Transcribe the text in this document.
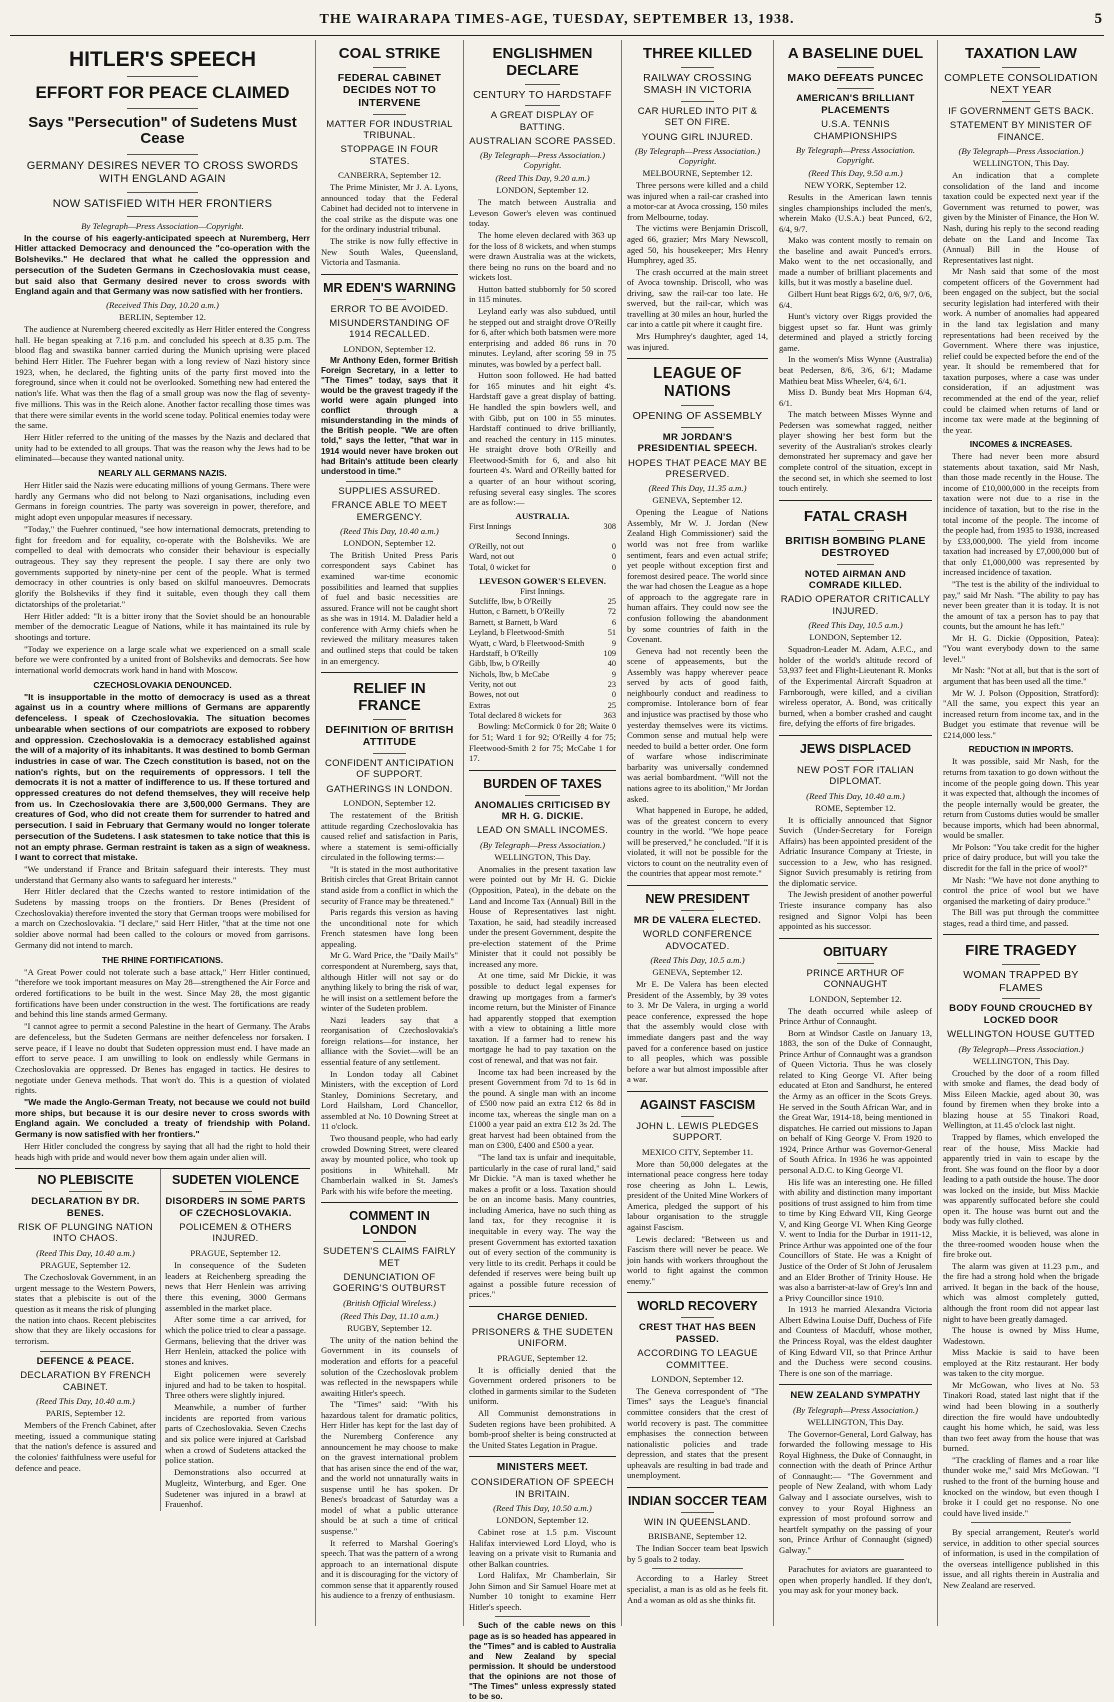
THE WAIRARAPA TIMES-AGE, TUESDAY, SEPTEMBER 13, 1938.	5
HITLER'S SPEECH
EFFORT FOR PEACE CLAIMED
Says "Persecution" of Sudetens Must Cease
GERMANY DESIRES NEVER TO CROSS SWORDS WITH ENGLAND AGAIN
NOW SATISFIED WITH HER FRONTIERS
By Telegraph—Press Association—Copyright.

In the course of his eagerly-anticipated speech at Nuremberg, Herr Hitler attacked Democracy and denounced the "co-operation with the Bolsheviks." He declared that what he called the oppression and persecution of the Sudeten Germans in Czechoslovakia must cease, but said also that Germany desired never to cross swords with England again and that Germany was now satisfied with her frontiers.

(Received This Day, 10.20 a.m.)
BERLIN, September 12.

The audience at Nuremberg cheered excitedly as Herr Hitler entered the Congress hall. He began speaking at 7.16 p.m. and concluded his speech at 8.35 p.m. The blood flag and swastika banner carried during the Munich uprising were placed behind Herr Hitler. The Fuehrer began with a long review of Nazi history since 1923, when, he declared, the fighting units of the party first moved into the foreground, since when it could not be overlooked. Something new had entered the nation's life. What was then the flag of a small group was now the flag of seventy-five millions. This was in the Reich alone. Another factor recalling those times was that there were similar events in the world scene today. Political enemies today were the same.

Herr Hitler referred to the uniting of the masses by the Nazis and declared that unity had to be extended to all groups. That was the reason why the Jews had to be eliminated—because they wanted national unity.

NEARLY ALL GERMANS NAZIS.

Herr Hitler said the Nazis were educating millions of young Germans. There were hardly any Germans who did not belong to Nazi organisations, including even Germans in foreign countries. The party was sovereign in power, therefore, and might adopt even unpopular measures if necessary.

"Today," the Fuehrer continued, "see how international democrats, pretending to fight for freedom and for equality, co-operate with the Bolsheviks. We are compelled to deal with democrats who consider their behaviour is especially outrageous. They say they represent the people. I say there are only two governments supported by ninety-nine per cent of the people. What is termed democracy in other countries is only based on skilful manoeuvres. Democrats glorify the Bolsheviks if they find it suitable, even though they call them dictatorships of the proletariat."

Herr Hitler added: "It is a bitter irony that the Soviet should be an honourable member of the democratic League of Nations, while it has maintained its rule by shootings and torture.

"Today we experience on a large scale what we experienced on a small scale before we were confronted by a united front of Bolsheviks and democrats. See how international world democrats work hand in hand with Moscow.

CZECHOSLOVAKIA DENOUNCED.

"It is insupportable in the motto of democracy is used as a threat against us in a country where millions of Germans are apparently defenceless. I speak of Czechoslovakia. The situation becomes unbearable when sections of our compatriots are exposed to robbery and oppression. Czechoslovakia is a democracy established against the will of a majority of its inhabitants. It was destined to bomb German industries in case of war. The Czech constitution is based, not on the nation's rights, but on the requirements of oppressors. I tell the democrats it is not a matter of indifference to us. If these tortured and oppressed creatures do not defend themselves, they will receive help from us. In Czechoslovakia there are 3,500,000 Germans. They are creatures of God, who did not create them for surrender to hatred and persecution. I said in February that Germany would no longer tolerate persecution of the Sudetens. I ask statesmen to take notice that this is not an empty phrase. German restraint is taken as a sign of weakness. I want to correct that mistake.

"We understand if France and Britain safeguard their interests. They must understand that Germany also wants to safeguard her interests."

Herr Hitler declared that the Czechs wanted to restore intimidation of the Sudetens by massing troops on the frontiers. Dr Benes (President of Czechoslovakia) therefore invented the story that German troops were mobilised for a march on Czechoslovakia. "I declare," said Herr Hitler, "that at the time not one soldier above normal had been called to the colours or moved from garrisons. Germany did not intend to march.

THE RHINE FORTIFICATIONS.

"A Great Power could not tolerate such a base attack," Herr Hitler continued, "therefore we took important measures on May 28—strengthened the Air Force and ordered fortifications to be built in the west. Since May 28, the most gigantic fortifications have been under construction in the west. The fortifications are ready and behind this line stands armed Germany.

"I cannot agree to permit a second Palestine in the heart of Germany. The Arabs are defenceless, but the Sudeten Germans are neither defenceless nor forsaken. I serve peace, if I leave no doubt that Sudeten oppression must end. I have made an effort to serve peace. I am unwilling to look on endlessly while Germans in Czechoslovakia are oppressed. Dr Benes has engaged in tactics. He desires to negotiate under Geneva methods. That won't do. This is a question of violated rights.

"We made the Anglo-German Treaty, not because we could not build more ships, but because it is our desire never to cross swords with England again. We concluded a treaty of friendship with Poland. Germany is now satisfied with her frontiers."

Herr Hitler concluded the congress by saying that all had the right to hold their heads high with pride and would never bow them again under alien will.

NO PLEBISCITE
DECLARATION BY DR. BENES.
RISK OF PLUNGING NATION INTO CHAOS.
(Reed This Day, 10.40 a.m.)
PRAGUE, September 12.

The Czechoslovak Government, in an urgent message to the Western Powers, states that a plebiscite is out of the question as it means the risk of plunging the nation into chaos. Recent plebiscites show that they are likely occasions for terrorism.

DEFENCE & PEACE.
DECLARATION BY FRENCH CABINET.
(Reed This Day, 10.40 a.m.)
PARIS, September 12.

Members of the French Cabinet, after meeting, issued a communique stating that the nation's defence is assured and the colonies' faithfulness were useful for defence and peace.

SUDETEN VIOLENCE
DISORDERS IN SOME PARTS OF CZECHOSLOVAKIA.
POLICEMEN & OTHERS INJURED.
PRAGUE, September 12.

In consequence of the Sudeten leaders at Reichenberg spreading the news that Herr Henlein was arriving there this evening, 3000 Germans assembled in the market place.

After some time a car arrived, for which the police tried to clear a passage. Germans, believing that the driver was Herr Henlein, attacked the police with stones and knives.

Eight policemen were severely injured and had to be taken to hospital. Three others were slightly injured.

Meanwhile, a number of further incidents are reported from various parts of Czechoslovakia. Seven Czechs and six police were injured at Carlsbad when a crowd of Sudetens attacked the police station.

Demonstrations also occurred at Mugleitz, Winterburg, and Eger. One Sudetener was injured in a brawl at Frauenhof.

COAL STRIKE
FEDERAL CABINET DECIDES NOT TO INTERVENE
MATTER FOR INDUSTRIAL TRIBUNAL.
STOPPAGE IN FOUR STATES.
CANBERRA, September 12.

The Prime Minister, Mr J. A. Lyons, announced today that the Federal Cabinet had decided not to intervene in the coal strike as the dispute was one for the ordinary industrial tribunal.

The strike is now fully effective in New South Wales, Queensland, Victoria and Tasmania.

MR EDEN'S WARNING
ERROR TO BE AVOIDED.
MISUNDERSTANDING OF 1914 RECALLED.
LONDON, September 12.

Mr Anthony Eden, former British Foreign Secretary, in a letter to "The Times" today, says that it would be the gravest tragedy if the world were again plunged into conflict through a misunderstanding in the minds of the British people. "We are often told," says the letter, "that war in 1914 would never have broken out had Britain's attitude been clearly understood in time."

SUPPLIES ASSURED.
FRANCE ABLE TO MEET EMERGENCY.
(Reed This Day, 10.40 a.m.)
LONDON, September 12.

The British United Press Paris correspondent says Cabinet has examined war-time economic possibilities and learned that supplies of fuel and basic necessities are assured. France will not be caught short as she was in 1914. M. Daladier held a conference with Army chiefs when he reviewed the military measures taken and outlined steps that could be taken in an emergency.

RELIEF IN FRANCE
DEFINITION OF BRITISH ATTITUDE
CONFIDENT ANTICIPATION OF SUPPORT.
GATHERINGS IN LONDON.
LONDON, September 12.

The restatement of the British attitude regarding Czechoslovakia has caused relief and satisfaction in Paris, where a statement is semi-officially circulated in the following terms:—

"It is stated in the most authoritative British circles that Great Britain cannot stand aside from a conflict in which the security of France may be threatened."

Paris regards this version as having the unconditional note for which French statesmen have long been appealing.

Mr G. Ward Price, the "Daily Mail's" correspondent at Nuremberg, says that, although Hitler will not say or do anything likely to bring the risk of war, he will insist on a settlement before the winter of the Sudeten problem.

Nazi leaders say that a reorganisation of Czechoslovakia's foreign relations—for instance, her alliance with the Soviet—will be an essential feature of any settlement.

In London today all Cabinet Ministers, with the exception of Lord Stanley, Dominions Secretary, and Lord Hailsham, Lord Chancellor, assembled at No. 10 Downing Street at 11 o'clock.

Two thousand people, who had early crowded Downing Street, were cleared away by mounted police, who took up positions in Whitehall. Mr Chamberlain walked in St. James's Park with his wife before the meeting.

COMMENT IN LONDON
SUDETEN'S CLAIMS FAIRLY MET
DENUNCIATION OF GOERING'S OUTBURST
(British Official Wireless.)
(Reed This Day, 11.10 a.m.)
RUGBY, September 12.

The unity of the nation behind the Government in its counsels of moderation and efforts for a peaceful solution of the Czechoslovak problem was reflected in the newspapers while awaiting Hitler's speech.

The "Times" said: "With his hazardous talent for dramatic politics, Herr Hitler has kept for the last day of the Nuremberg Conference any announcement he may choose to make on the gravest international problem that has arisen since the end of the war, and the world not unnaturally waits in suspense until he has spoken. Dr Benes's broadcast of Saturday was a model of what a public utterance should be at such a time of critical suspense."

It referred to Marshal Goering's speech. That was the pattern of a wrong approach to an international dispute and it is discouraging for the victory of common sense that it apparently roused his audience to a frenzy of enthusiasm.

ENGLISHMEN DECLARE
CENTURY TO HARDSTAFF
A GREAT DISPLAY OF BATTING.
AUSTRALIAN SCORE PASSED.
(By Telegraph—Press Association.) Copyright.
(Reed This Day, 9.20 a.m.)
LONDON, September 12.

The match between Australia and Leveson Gower's eleven was continued today.

The home eleven declared with 363 up for the loss of 8 wickets, and when stumps were drawn Australia was at the wickets, there being no runs on the board and no wickets lost.

Hutton batted stubbornly for 50 scored in 115 minutes.

Leyland early was also subdued, until he stepped out and straight drove O'Reilly for 6, after which both batsmen were more enterprising and added 86 runs in 70 minutes. Leyland, after scoring 59 in 75 minutes, was bowled by a perfect ball.

Hutton soon followed. He had batted for 165 minutes and hit eight 4's. Hardstaff gave a great display of batting. He handled the spin bowlers well, and with Gibb, put on 100 in 55 minutes. Hardstaff continued to drive brilliantly, and reached the century in 115 minutes. He straight drove both O'Reilly and Fleetwood-Smith for 6, and also hit fourteen 4's. Ward and O'Reilly batted for a quarter of an hour without scoring, refusing several easy singles. The scores are as follow:—

AUSTRALIA.
First Innings	308
Second Innings.
O'Reilly, not out	0
Ward, not out	0
Total, 0 wicket for	0
LEVESON GOWER'S ELEVEN.
First Innings.
Sutcliffe, lbw, b O'Reilly	25
Hutton, c Barnett, b O'Reilly	72
Barnett, st Barnett, b Ward	6
Leyland, b Fleetwood-Smith	51
Wyatt, c Ward, b Fleetwood-Smith	9
Hardstaff, b O'Reilly	109
Gibb, lbw, b O'Reilly	40
Nichols, lbw, b McCabe	9
Verity, not out	23
Bowes, not out	0
Extras	25
Total declared 8 wickets for	363

Bowling: McCormick 0 for 28; Waite 0 for 51; Ward 1 for 92; O'Reilly 4 for 75; Fleetwood-Smith 2 for 75; McCabe 1 for 17.

BURDEN OF TAXES
ANOMALIES CRITICISED BY MR H. G. DICKIE.
LEAD ON SMALL INCOMES.
(By Telegraph—Press Association.)
WELLINGTON, This Day.

Anomalies in the present taxation law were pointed out by Mr H. G. Dickie (Opposition, Patea), in the debate on the Land and Income Tax (Annual) Bill in the House of Representatives last night. Taxation, he said, had steadily increased under the present Government, despite the pre-election statement of the Prime Minister that it could not possibly be increased any more.

At one time, said Mr Dickie, it was possible to deduct legal expenses for drawing up mortgages from a farmer's income return, but the Minister of Finance had apparently stopped that exemption with a view to obtaining a little more taxation. If a farmer had to renew his mortgage he had to pay taxation on the cost of renewal, and that was not fair.

Income tax had been increased by the present Government from 7d to 1s 6d in the pound. A single man with an income of £500 now paid an extra £12 6s 8d in income tax, whereas the single man on a £1000 a year paid an extra £12 3s 2d. The great harvest had been obtained from the man on £300, £400 and £500 a year.

"The land tax is unfair and inequitable, particularly in the case of rural land," said Mr Dickie. "A man is taxed whether he makes a profit or a loss. Taxation should be on an income basis. Many countries, including America, have no such thing as land tax, for they recognise it is inequitable in every way. The way the present Government has extorted taxation out of every section of the community is very little to its credit. Perhaps it could be defended if reserves were being built up against a possible future recession of prices."

CHARGE DENIED.
PRISONERS & THE SUDETEN UNIFORM.
PRAGUE, September 12.

It is officially denied that the Government ordered prisoners to be clothed in garments similar to the Sudeten uniform.

All Communist demonstrations in Sudeten regions have been prohibited. A bomb-proof shelter is being constructed at the United States Legation in Prague.

MINISTERS MEET.
CONSIDERATION OF SPEECH IN BRITAIN.
(Reed This Day, 10.50 a.m.)
LONDON, September 12.

Cabinet rose at 1.5 p.m. Viscount Halifax interviewed Lord Lloyd, who is leaving on a private visit to Rumania and other Balkan countries.

Lord Halifax, Mr Chamberlain, Sir John Simon and Sir Samuel Hoare met at Number 10 tonight to examine Herr Hitler's speech.

Such of the cable news on this page as is so headed has appeared in the "Times" and is cabled to Australia and New Zealand by special permission. It should be understood that the opinions are not those of "The Times" unless expressly stated to be so.

THREE KILLED
RAILWAY CROSSING SMASH IN VICTORIA
CAR HURLED INTO PIT & SET ON FIRE.
YOUNG GIRL INJURED.
(By Telegraph—Press Association.) Copyright.
MELBOURNE, September 12.

Three persons were killed and a child was injured when a rail-car crashed into a motor-car at Avoca crossing, 150 miles from Melbourne, today.

The victims were Benjamin Driscoll, aged 66, grazier; Mrs Mary Newscoll, aged 50, his housekeeper; Mrs Henry Humphrey, aged 35.

The crash occurred at the main street of Avoca township. Driscoll, who was driving, saw the rail-car too late. He swerved, but the rail-car, which was travelling at 30 miles an hour, hurled the car into a cattle pit where it caught fire.

Mrs Humphrey's daughter, aged 14, was injured.

LEAGUE OF NATIONS
OPENING OF ASSEMBLY
MR JORDAN'S PRESIDENTIAL SPEECH.
HOPES THAT PEACE MAY BE PRESERVED.
(Reed This Day, 11.35 a.m.)
GENEVA, September 12.

Opening the League of Nations Assembly, Mr W. J. Jordan (New Zealand High Commissioner) said the world was not free from warlike sentiment, fears and even actual strife; yet people without exception first and foremost desired peace. The world since the war had chosen the League as a hope of approach to the aggregate rare in human affairs. They could now see the confusion following the abandonment by some countries of faith in the Covenant.

Geneva had not recently been the scene of appeasements, but the Assembly was happy wherever peace served by acts of good faith, neighbourly conduct and readiness to compromise. Intolerance born of fear and injustice was practised by those who yesterday themselves were its victims. Common sense and mutual help were needed to build a better order. One form of warfare whose indiscriminate barbarity was universally condemned was aerial bombardment. "Will not the nations agree to its abolition," Mr Jordan asked.

What happened in Europe, he added, was of the greatest concern to every country in the world. "We hope peace will be preserved," he concluded. "If it is violated, it will not be possible for the victors to count on the neutrality even of the countries that appear most remote."

NEW PRESIDENT
MR DE VALERA ELECTED.
WORLD CONFERENCE ADVOCATED.
(Reed This Day, 10.5 a.m.)
GENEVA, September 12.

Mr E. De Valera has been elected President of the Assembly, by 39 votes to 3. Mr De Valera, in urging a world peace conference, expressed the hope that the assembly would close with immediate dangers past and the way paved for a conference based on justice to all peoples, which was possible before a war but almost impossible after a war.

AGAINST FASCISM
JOHN L. LEWIS PLEDGES SUPPORT.
MEXICO CITY, September 11.

More than 50,000 delegates at the international peace congress here today rose cheering as John L. Lewis, president of the United Mine Workers of America, pledged the support of his labour organisation to the struggle against Fascism.

Lewis declared: "Between us and Fascism there will never be peace. We join hands with workers throughout the world to fight against the common enemy."

WORLD RECOVERY
CREST THAT HAS BEEN PASSED.
ACCORDING TO LEAGUE COMMITTEE.
LONDON, September 12.

The Geneva correspondent of "The Times" says the League's financial committee considers that the crest of world recovery is past. The committee emphasises the connection between nationalistic policies and trade depression, and states that the present upheavals are resulting in bad trade and unemployment.

INDIAN SOCCER TEAM
WIN IN QUEENSLAND.
BRISBANE, September 12.

The Indian Soccer team beat Ipswich by 5 goals to 2 today.

According to a Harley Street specialist, a man is as old as he feels fit. And a woman as old as she thinks fit.

A BASELINE DUEL
MAKO DEFEATS PUNCEC
AMERICAN'S BRILLIANT PLACEMENTS
U.S.A. TENNIS CHAMPIONSHIPS
By Telegraph—Press Association. Copyright.
(Reed This Day, 9.50 a.m.)
NEW YORK, September 12.

Results in the American lawn tennis singles championships included the men's, wherein Mako (U.S.A.) beat Punced, 6/2, 6/4, 9/7.

Mako was content mostly to remain on the baseline and await Punced's errors. Mako went to the net occasionally, and made a number of brilliant placements and kills, but it was mostly a baseline duel.

Gilbert Hunt beat Riggs 6/2, 0/6, 9/7, 0/6, 6/4.

Hunt's victory over Riggs provided the biggest upset so far. Hunt was grimly determined and played a strictly forcing game.

In the women's Miss Wynne (Australia) beat Pedersen, 8/6, 3/6, 6/1; Madame Mathieu beat Miss Wheeler, 6/4, 6/1.

Miss D. Bundy beat Mrs Hopman 6/4, 6/1.

The match between Misses Wynne and Pedersen was somewhat ragged, neither player showing her best form but the severity of the Australian's strokes clearly demonstrated her supremacy and gave her complete control of the situation, except in the second set, in which she seemed to lost touch entirely.

FATAL CRASH
BRITISH BOMBING PLANE DESTROYED
NOTED AIRMAN AND COMRADE KILLED.
RADIO OPERATOR CRITICALLY INJURED.
(Reed This Day, 10.5 a.m.)
LONDON, September 12.

Squadron-Leader M. Adam, A.F.C., and holder of the world's altitude record of 53,937 feet and Flight-Lieutenant R. Monks of the Experimental Aircraft Squadron at Farnborough, were killed, and a civilian wireless operator, A. Bond, was critically burned, when a bomber crashed and caught fire, defying the efforts of fire brigades.

JEWS DISPLACED
NEW POST FOR ITALIAN DIPLOMAT.
(Reed This Day, 10.40 a.m.)
ROME, September 12.

It is officially announced that Signor Suvich (Under-Secretary for Foreign Affairs) has been appointed president of the Adriatic Insurance Company at Trieste, in succession to a Jew, who has resigned. Signor Suvich presumably is retiring from the diplomatic service.

The Jewish president of another powerful Trieste insurance company has also resigned and Signor Volpi has been appointed as his successor.

OBITUARY
PRINCE ARTHUR OF CONNAUGHT
LONDON, September 12.

The death occurred while asleep of Prince Arthur of Connaught.

Born at Windsor Castle on January 13, 1883, the son of the Duke of Connaught, Prince Arthur of Connaught was a grandson of Queen Victoria. Thus he was closely related to King George VI. After being educated at Eton and Sandhurst, he entered the Army as an officer in the Scots Greys. He served in the South African War, and in the Great War, 1914-18, being mentioned in dispatches. He carried out missions to Japan on behalf of King George V. From 1920 to 1924, Prince Arthur was Governor-General of South Africa. In 1936 he was appointed personal A.D.C. to King George VI.

His life was an interesting one. He filled with ability and distinction many important positions of trust assigned to him from time to time by King Edward VII, King George V, and King George VI. When King George V. went to India for the Durbar in 1911-12, Prince Arthur was appointed one of the four Councillors of State. He was a Knight of Justice of the Order of St John of Jerusalem and an Elder Brother of Trinity House. He was also a barrister-at-law of Grey's Inn and a Privy Councillor since 1910.

In 1913 he married Alexandra Victoria Albert Edwina Louise Duff, Duchess of Fife and Countess of Macduff, whose mother, the Princess Royal, was the eldest daughter of King Edward VII, so that Prince Arthur and the Duchess were second cousins. There is one son of the marriage.

NEW ZEALAND SYMPATHY
(By Telegraph—Press Association.)
WELLINGTON, This Day.

The Governor-General, Lord Galway, has forwarded the following message to His Royal Highness, the Duke of Connaught, in connection with the death of Prince Arthur of Connaught:— "The Government and people of New Zealand, with whom Lady Galway and I associate ourselves, wish to convey to your Royal Highness an expression of most profound sorrow and heartfelt sympathy on the passing of your son, Prince Arthur of Connaught (signed) Galway."

Parachutes for aviators are guaranteed to open when properly handled. If they don't, you may ask for your money back.

TAXATION LAW
COMPLETE CONSOLIDATION NEXT YEAR
IF GOVERNMENT GETS BACK.
STATEMENT BY MINISTER OF FINANCE.
(By Telegraph—Press Association.)
WELLINGTON, This Day.

An indication that a complete consolidation of the land and income taxation could be expected next year if the Government was returned to power, was given by the Minister of Finance, the Hon W. Nash, during his reply to the second reading debate on the Land and Income Tax (Annual) Bill in the House of Representatives last night.

Mr Nash said that some of the most competent officers of the Government had been engaged on the subject, but the social security legislation had interfered with their work. A number of anomalies had appeared in the land tax legislation and many representations had been received by the Government. Where there was injustice, relief could be expected before the end of the year. It should be remembered that for taxation purposes, where a case was under consideration, if an adjustment was recommended at the end of the year, relief could be claimed when returns of land or income tax were made at the beginning of the year.

INCOMES & INCREASES.

There had never been more absurd statements about taxation, said Mr Nash, than those made recently in the House. The income of £10,000,000 in the receipts from taxation were not due to a rise in the incidence of taxation, but to the rise in the total income of the people. The income of the people had, from 1935 to 1938, increased by £33,000,000. The yield from income taxation had increased by £7,000,000 but of that only £1,000,000 was represented by increased incidence of taxation.

"The test is the ability of the individual to pay," said Mr Nash. "The ability to pay has never been greater than it is today. It is not the amount of tax a person has to pay that counts, but the amount he has left."

Mr H. G. Dickie (Opposition, Patea): "You want everybody down to the same level."

Mr Nash: "Not at all, but that is the sort of argument that has been used all the time."

Mr W. J. Polson (Opposition, Stratford): "All the same, you expect this year an increased return from income tax, and in the Budget you estimate that revenue will be £214,000 less."

REDUCTION IN IMPORTS.

It was possible, said Mr Nash, for the returns from taxation to go down without the income of the people going down. This year it was expected that, although the incomes of the people internally would be greater, the return from Customs duties would be smaller because imports, which had been abnormal, would be smaller.

Mr Polson: "You take credit for the higher price of dairy produce, but will you take the discredit for the fall in the price of wool?"

Mr Nash: "We have not done anything to control the price of wool but we have organised the marketing of dairy produce."

The Bill was put through the committee stages, read a third time, and passed.

FIRE TRAGEDY
WOMAN TRAPPED BY FLAMES
BODY FOUND CROUCHED BY LOCKED DOOR
WELLINGTON HOUSE GUTTED
(By Telegraph—Press Association.)
WELLINGTON, This Day.

Crouched by the door of a room filled with smoke and flames, the dead body of Miss Eileen Mackie, aged about 30, was found by firemen when they broke into a blazing house at 55 Tinakori Road, Wellington, at 11.45 o'clock last night.

Trapped by flames, which enveloped the rear of the house, Miss Mackie had apparently tried in vain to escape by the front. She was found on the floor by a door leading to a path outside the house. The door was locked on the inside, but Miss Mackie was apparently suffocated before she could open it. The house was burnt out and the body was fully clothed.

Miss Mackie, it is believed, was alone in the three-roomed wooden house when the fire broke out.

The alarm was given at 11.23 p.m., and the fire had a strong hold when the brigade arrived. It began in the back of the house, which was almost completely gutted, although the front room did not appear last night to have been greatly damaged.

The house is owned by Miss Hume, Wadestown.

Miss Mackie is said to have been employed at the Ritz restaurant. Her body was taken to the city morgue.

Mr McGowan, who lives at No. 53 Tinakori Road, stated last night that if the wind had been blowing in a southerly direction the fire would have undoubtedly caught his home which, he said, was less than two feet away from the house that was burned.

"The crackling of flames and a roar like thunder woke me," said Mrs McGowan. "I rushed to the front of the burning house and knocked on the window, but even though I broke it I could get no response. No one could have lived inside."

By special arrangement, Reuter's world service, in addition to other special sources of information, is used in the compilation of the overseas intelligence published in this issue, and all rights therein in Australia and New Zealand are reserved.
